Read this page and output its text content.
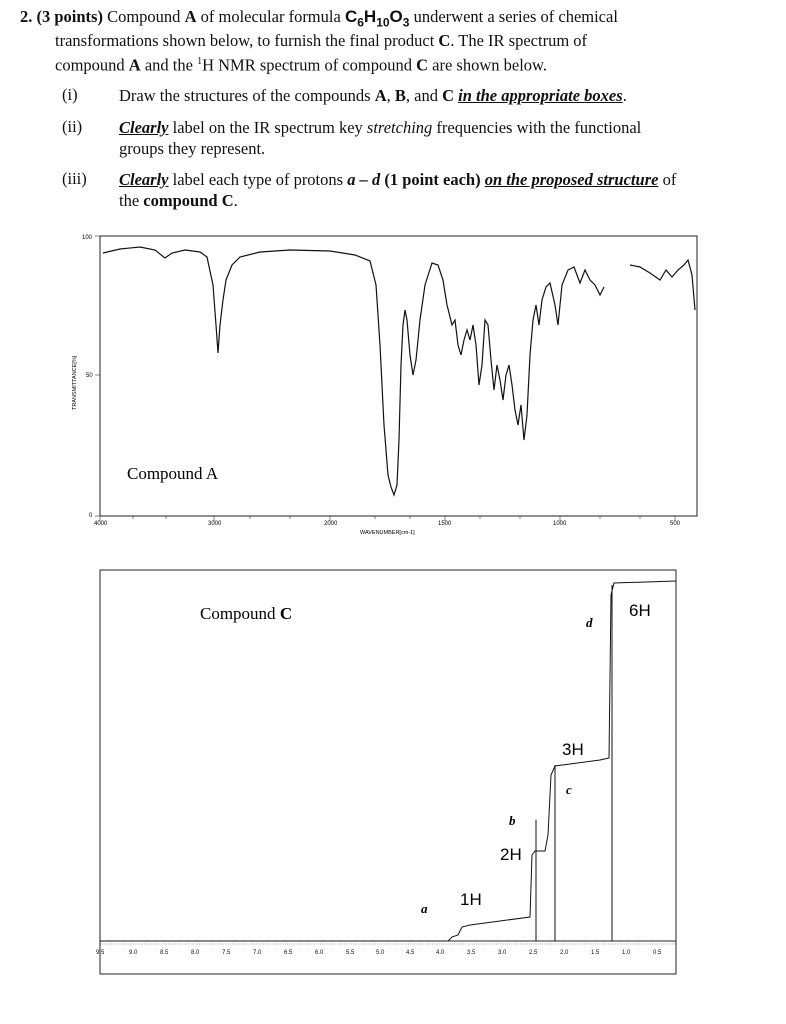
2. (3 points) Compound A of molecular formula $C_6H_{10}O_3$ underwent a series of chemical
transformations shown below, to furnish the final product C. The IR spectrum of
compound A and the $^1$H NMR spectrum of compound C are shown below.
(i)	Draw the structures of the compounds A, B, and C in the appropriate boxes.
(ii) Clearly label on the IR spectrum key stretching frequencies with the functional
groups they represent.
(iii) Clearly label each type of protons a – d (1 point each) on the proposed structure of
the compound C.
100
50
0
TRANSMITTANCE[%]
4000	3000	2000	1500	1000	500
WAVENUMBER[cm-1]
Compound A
Compound C
1H
2H
3H
6H
a
b
c
d
9.5	9.0	8.5	8.0	7.5	7.0	6.5	6.0	5.5	5.0	4.5	4.0	3.5	3.0	2.5	2.0	1.5	1.0	0.5
